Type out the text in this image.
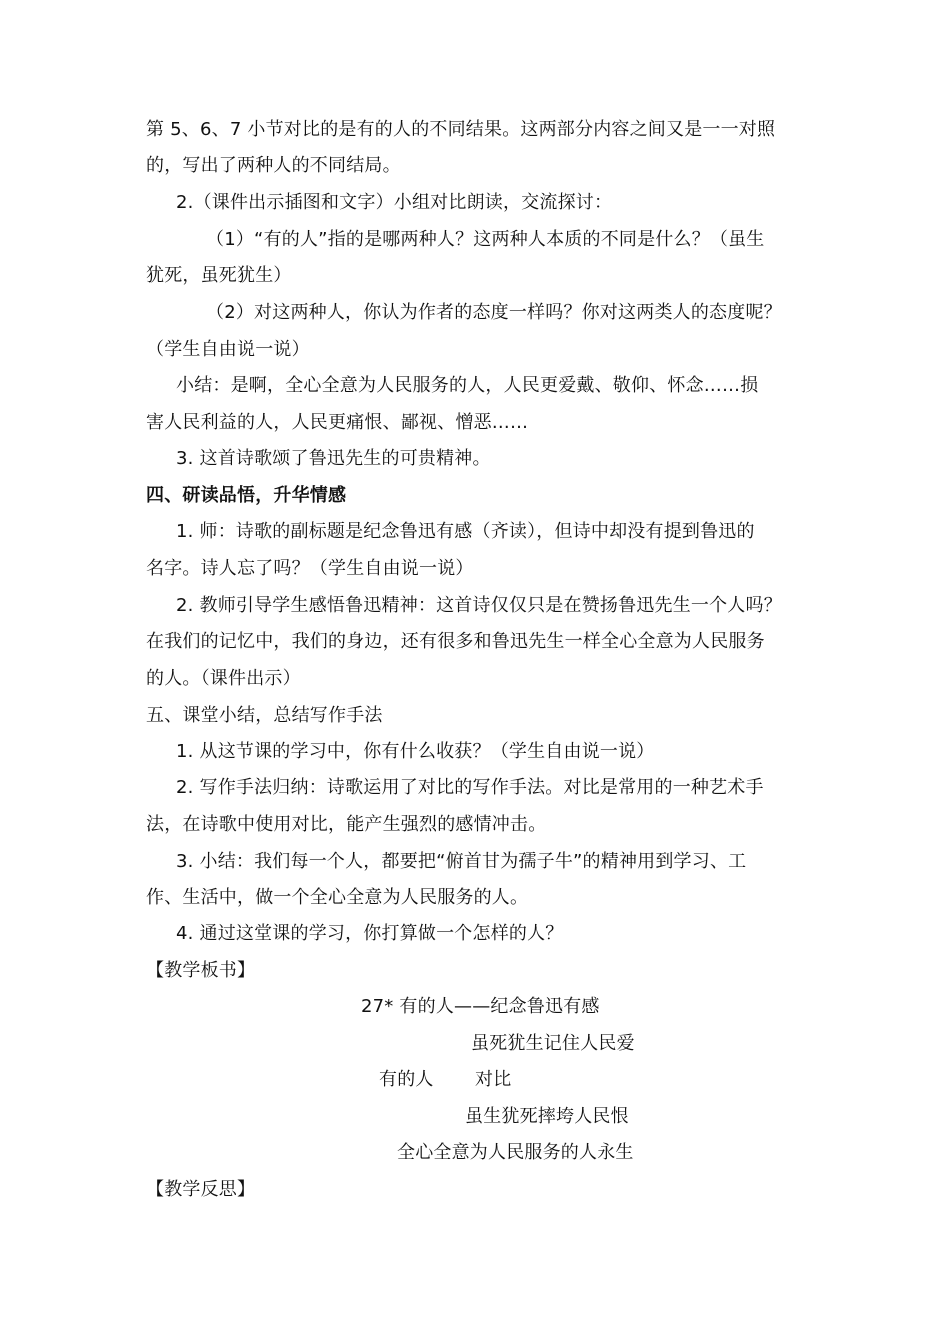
第 5、6、7 小节对比的是有的人的不同结果。这两部分内容之间又是一一对照
的，写出了两种人的不同结局。
2.（课件出示插图和文字）小组对比朗读，交流探讨：
（1）“有的人”指的是哪两种人？这两种人本质的不同是什么？（虽生
犹死，虽死犹生）
（2）对这两种人，你认为作者的态度一样吗？你对这两类人的态度呢？
（学生自由说一说）
小结：是啊，全心全意为人民服务的人，人民更爱戴、敬仰、怀念……损
害人民利益的人，人民更痛恨、鄙视、憎恶……
3. 这首诗歌颂了鲁迅先生的可贵精神。
四、研读品悟，升华情感
1. 师：诗歌的副标题是纪念鲁迅有感（齐读），但诗中却没有提到鲁迅的
名字。诗人忘了吗？（学生自由说一说）
2. 教师引导学生感悟鲁迅精神：这首诗仅仅只是在赞扬鲁迅先生一个人吗？
在我们的记忆中，我们的身边，还有很多和鲁迅先生一样全心全意为人民服务
的人。（课件出示）
五、课堂小结，总结写作手法
1. 从这节课的学习中，你有什么收获？（学生自由说一说）
2. 写作手法归纳：诗歌运用了对比的写作手法。对比是常用的一种艺术手
法，在诗歌中使用对比，能产生强烈的感情冲击。
3. 小结：我们每一个人，都要把“俯首甘为孺子牛”的精神用到学习、工
作、生活中，做一个全心全意为人民服务的人。
4. 通过这堂课的学习，你打算做一个怎样的人？
【教学板书】
27* 有的人——纪念鲁迅有感
虽死犹生记住人民爱
有的人 对比
虽生犹死摔垮人民恨
全心全意为人民服务的人永生
【教学反思】
